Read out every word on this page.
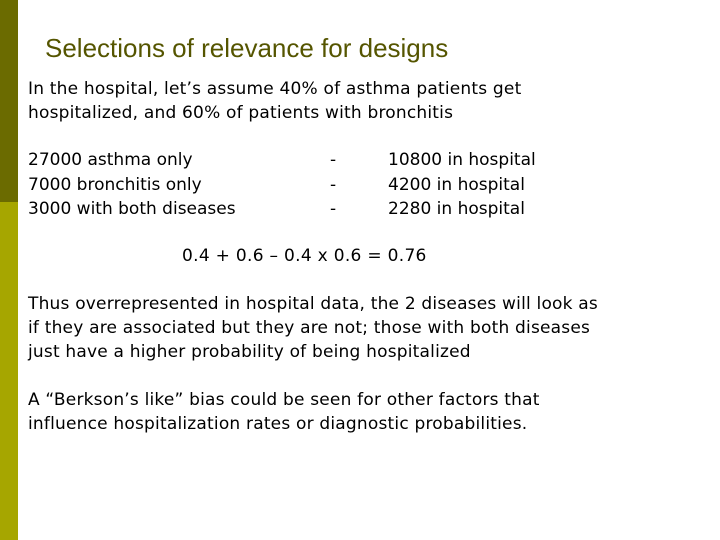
Selections of relevance for designs
In the hospital, let’s assume 40% of asthma patients get
hospitalized, and 60% of patients with bronchitis
27000 asthma only
7000 bronchitis only
3000 with both diseases
-
-
-
10800 in hospital
4200 in hospital
2280 in hospital
0.4 + 0.6 – 0.4 x 0.6 = 0.76
Thus overrepresented in hospital data, the 2 diseases will look as
if they are associated but they are not; those with both diseases
just have a higher probability of being hospitalized
A “Berkson’s like” bias could be seen for other factors that
influence hospitalization rates or diagnostic probabilities.
